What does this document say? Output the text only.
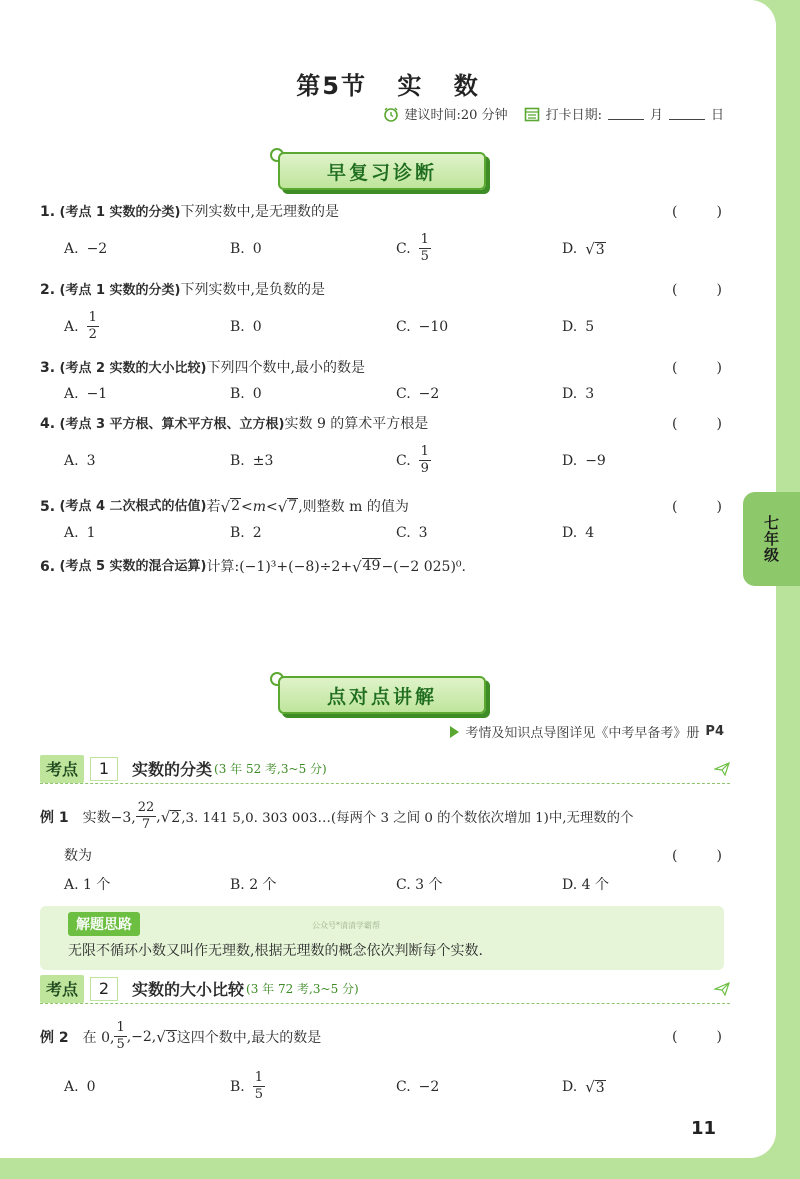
第5节 实 数
建议时间:20 分钟	打卡日期:	月	日
早复习诊断
1. (考点 1 实数的分类)下列实数中,是无理数的是	(	)
A. −2	B. 0	C. $\frac{1}{5}$	D. √ 3
2. (考点 1 实数的分类)下列实数中,是负数的是	(	)
A. $\frac{1}{2}$	B. 0	C. −10	D. 5
3. (考点 2 实数的大小比较)下列四个数中,最小的数是	(	)
A. −1	B. 0	C. −2	D. 3
4. (考点 3 平方根、算术平方根、立方根)实数 9 的算术平方根是	(	)
A. 3	B. ±3	C. $\frac{1}{9}$	D. −9
5.
(考点 4 二次根式的估值) 若 √ 2 <m< √ 7 ,则整数 m 的值为	(	)
A. 1	B. 2	C. 3	D. 4
6.
(考点 5 实数的混合运算) 计算:(−1)³+(−8)÷2+ √ 49 −(−2 025)⁰.
点对点讲解
考情及知识点导图详见《中考早备考》册 P4
考点	1	实数的分类 (3 年 52 考,3~5 分)
例 1 实数−3, $\frac{22}{7}$ , √ 2 ,3. 141 5,0. 303 003…(每两个 3 之间 0 的个数依次增加 1)中,无理数的个
数为	(	)
A. 1 个	B. 2 个	C. 3 个	D. 4 个
解题思路	公众号*清清学霸帮
无限不循环小数又叫作无理数,根据无理数的概念依次判断每个实数.
考点	2	实数的大小比较 (3 年 72 考,3~5 分)
例 2 在 0, $\frac{1}{5} ,-2$, √ 3 这四个数中,最大的数是	(	)
A. 0	B. $\frac{1}{5}$	C. −2	D. √ 3
11
七
年
级
